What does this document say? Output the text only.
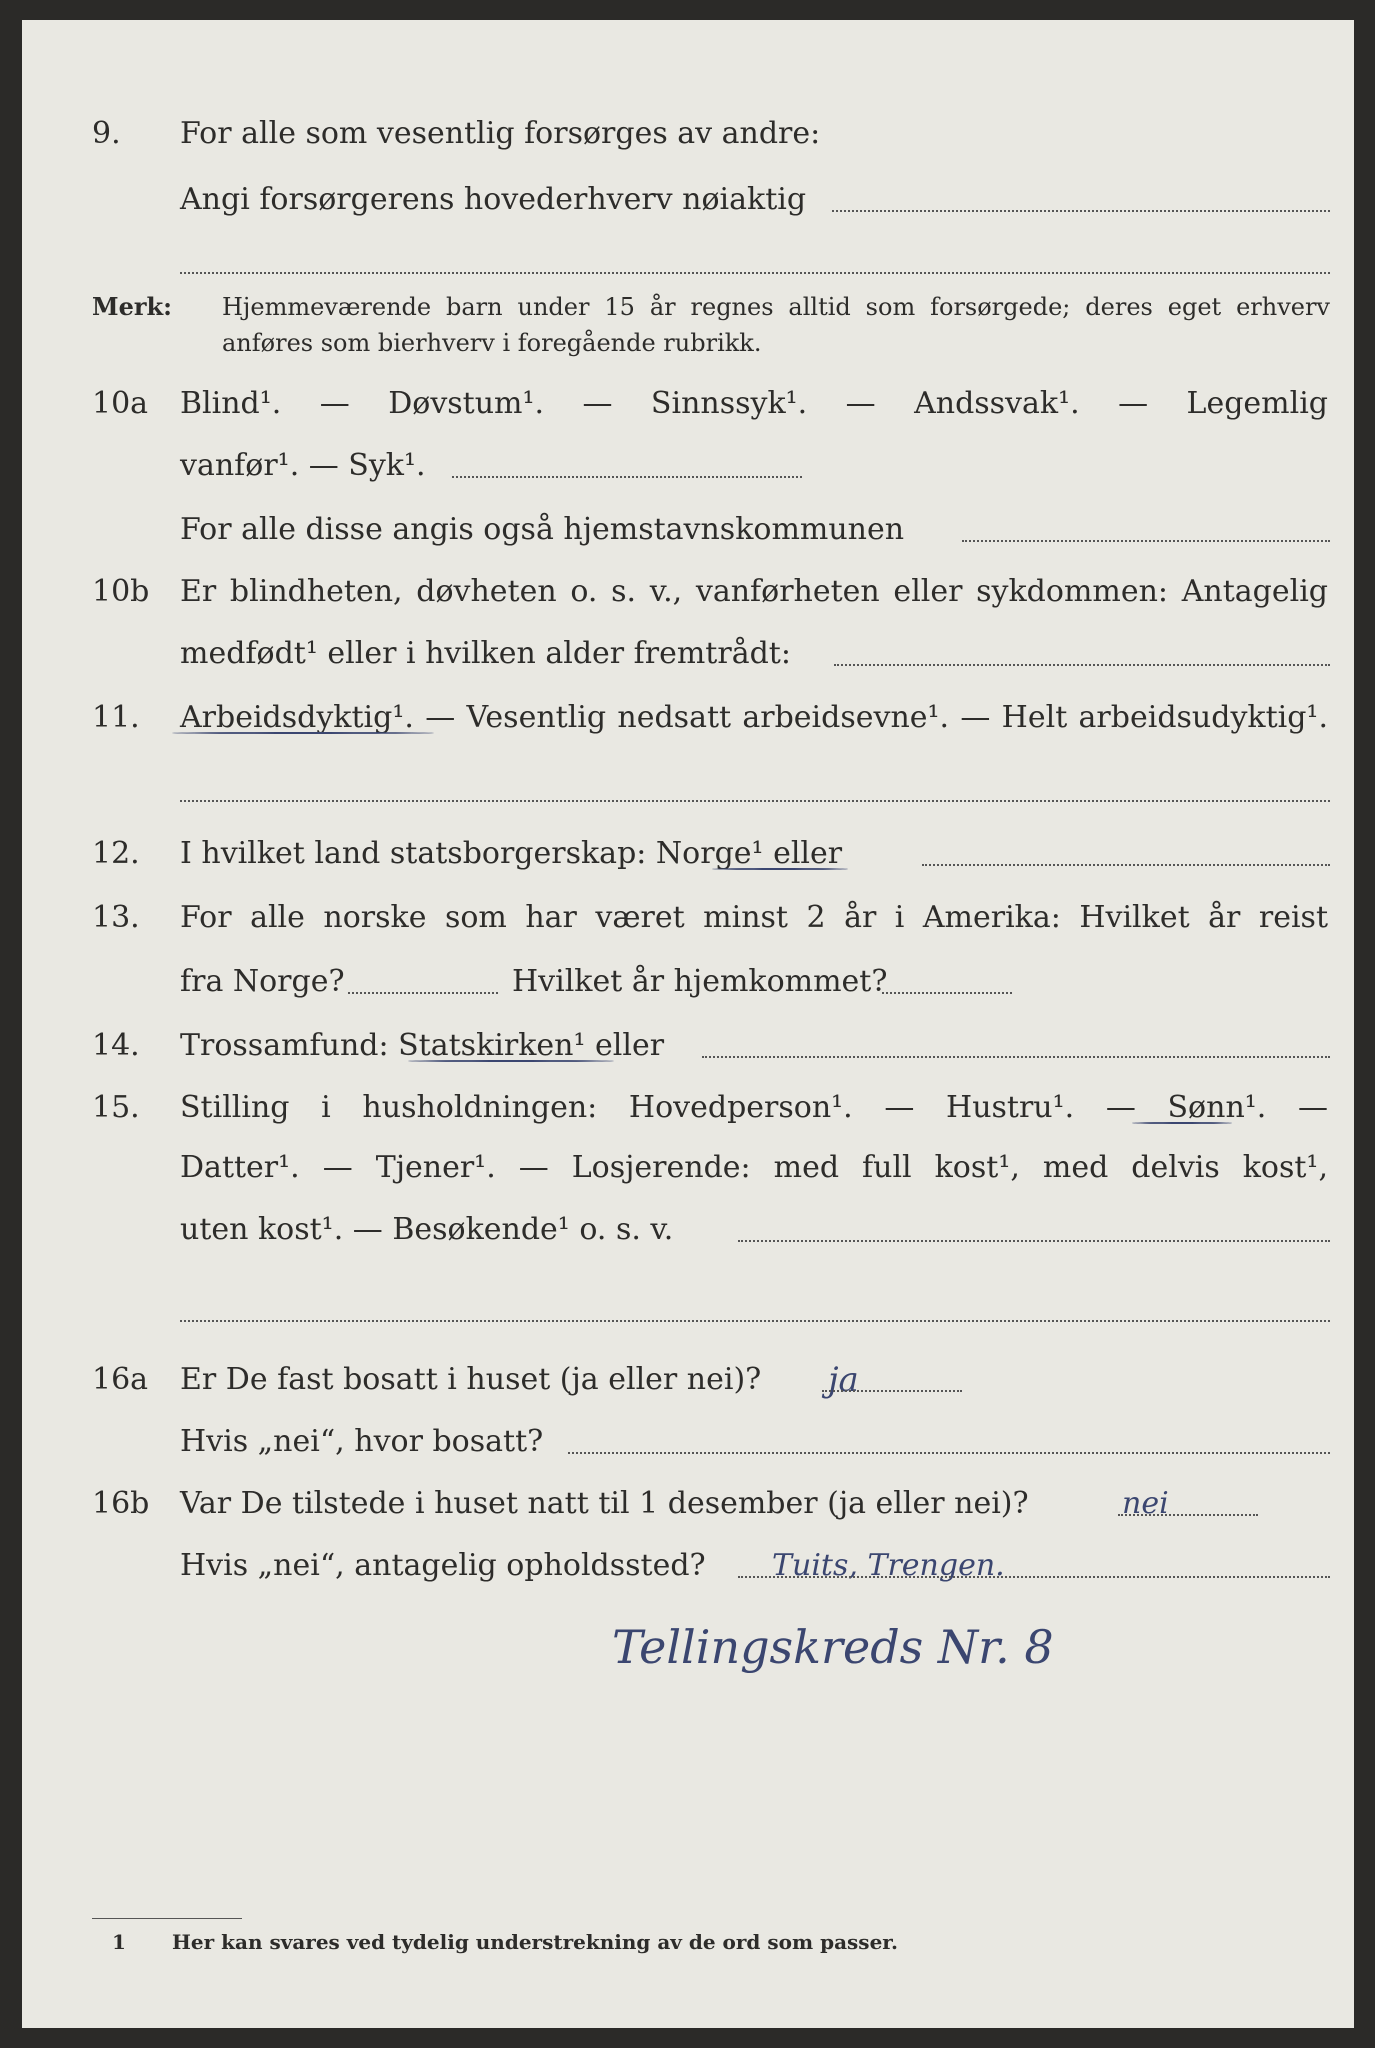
9. For alle som vesentlig forsørges av andre:
Angi forsørgerens hovederhverv nøiaktig
Merk: Hjemmeværende barn under 15 år regnes alltid som forsørgede; deres eget erhverv
anføres som bierhverv i foregående rubrikk.
10a Blind¹. — Døvstum¹. — Sinnssyk¹. — Andssvak¹. — Legemlig
vanfør¹. — Syk¹.
For alle disse angis også hjemstavnskommunen
10b Er blindheten, døvheten o. s. v., vanførheten eller sykdommen: Antagelig
medfødt¹ eller i hvilken alder fremtrådt:
11. Arbeidsdyktig¹. — Vesentlig nedsatt arbeidsevne¹. — Helt arbeidsudyktig¹.
12. I hvilket land statsborgerskap: Norge¹ eller
13. For alle norske som har været minst 2 år i Amerika: Hvilket år reist
fra Norge?	Hvilket år hjemkommet?
14. Trossamfund: Statskirken¹ eller
15. Stilling i husholdningen: Hovedperson¹. — Hustru¹. — Sønn¹. —
Datter¹. — Tjener¹. — Losjerende: med full kost¹, med delvis kost¹,
uten kost¹. — Besøkende¹ o. s. v.
16a Er De fast bosatt i huset (ja eller nei)? ja
Hvis „nei“, hvor bosatt?
16b Var De tilstede i huset natt til 1 desember (ja eller nei)?	nei
Hvis „nei“, antagelig opholdssted? Tuits, Trengen.
Tellingskreds Nr. 8
1 Her kan svares ved tydelig understrekning av de ord som passer.
